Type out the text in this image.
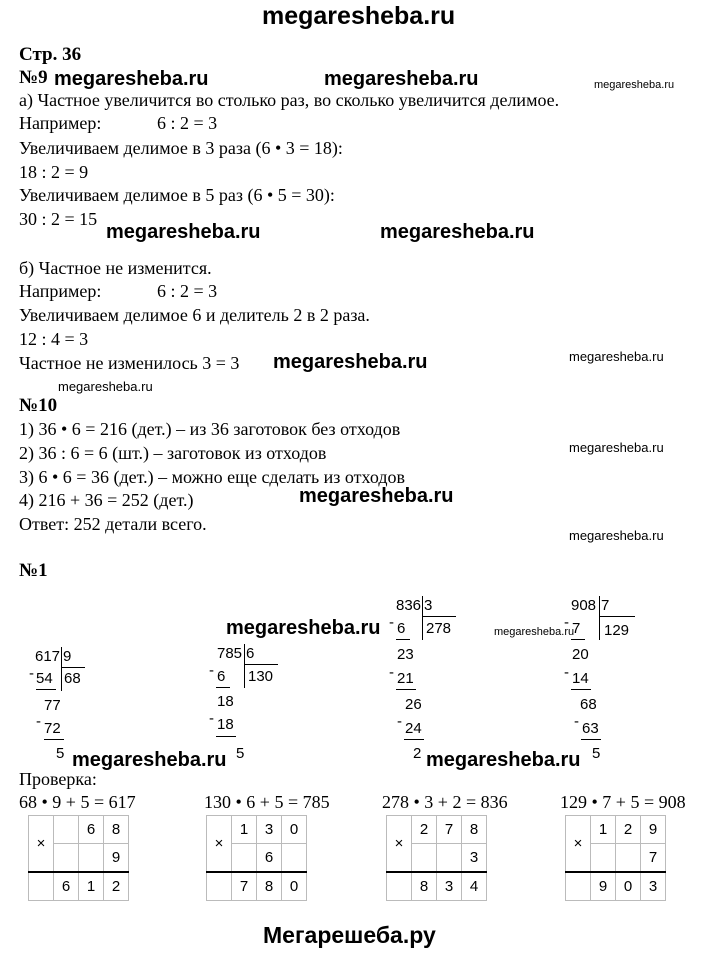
megaresheba.ru
Стр. 36
№9 megaresheba.ru	megaresheba.ru	megaresheba.ru
а) Частное увеличится во столько раз, во сколько увеличится делимое.
Например:	6 : 2 = 3
Увеличиваем делимое в 3 раза (6 • 3 = 18):
18 : 2 = 9
Увеличиваем делимое в 5 раз (6 • 5 = 30):
30 : 2 = 15
megaresheba.ru	megaresheba.ru
б) Частное не изменится.
Например:	6 : 2 = 3
Увеличиваем делимое 6 и делитель 2 в 2 раза.
12 : 4 = 3
Частное не изменилось 3 = 3 megaresheba.ru	megaresheba.ru
megaresheba.ru
№10
1) 36 • 6 = 216 (дет.) – из 36 заготовок без отходов
2) 36 : 6 = 6 (шт.) – заготовок из отходов	megaresheba.ru
3) 6 • 6 = 36 (дет.) – можно еще сделать из отходов
4) 216 + 36 = 252 (дет.)	megaresheba.ru
Ответ: 252 детали всего.
megaresheba.ru
№1
megaresheba.ru	megaresheba.ru
617 9
68
- 54
77
- 72
5
785 6
130
- 6
18
- 18
5
836 3
278
- 6
23
- 21
26
- 24
2
908 7
129
- 7
20
- 14
68
- 63
5
megaresheba.ru	megaresheba.ru
Проверка:
68 • 9 + 5 = 617	130 • 6 + 5 = 785	278 • 3 + 2 = 836	129 • 7 + 5 = 908
×		6	8
			9
	6	1	2
×	1	3	0
		6	
	7	8	0
×	2	7	8
			3
	8	3	4
×	1	2	9
			7
	9	0	3
Мегарешеба.ру
